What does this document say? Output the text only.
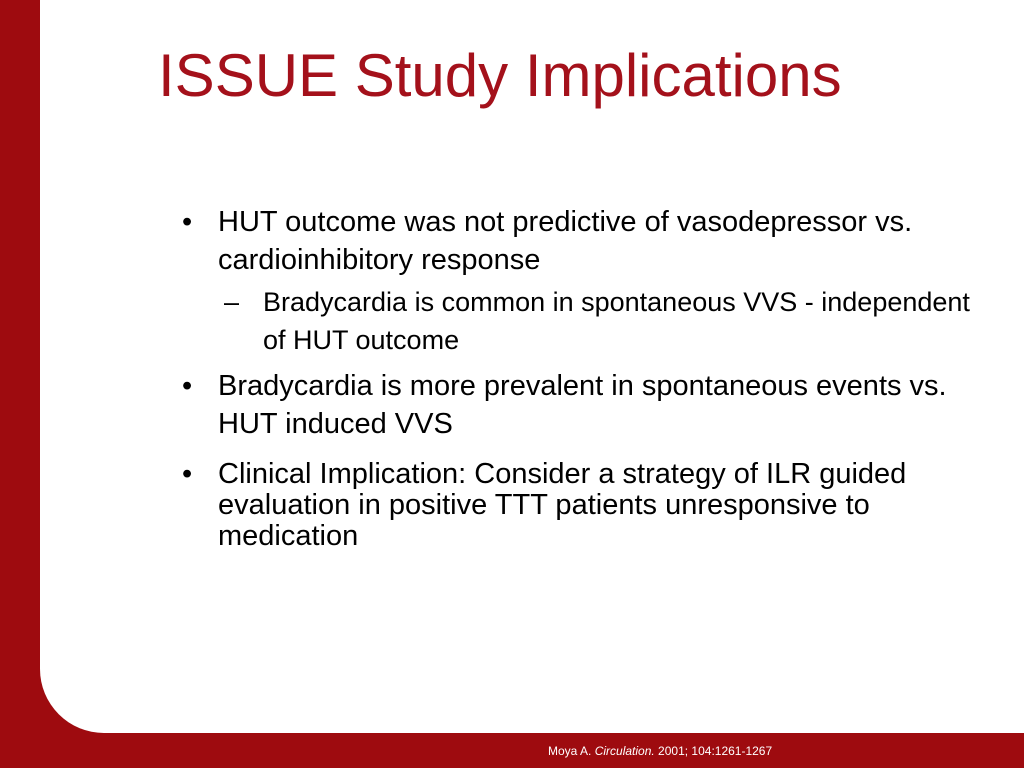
ISSUE Study Implications
• HUT outcome was not predictive of vasodepressor vs. cardioinhibitory response
– Bradycardia is common in spontaneous VVS - independent of HUT outcome
• Bradycardia is more prevalent in spontaneous events vs. HUT induced VVS
• Clinical Implication: Consider a strategy of ILR guided evaluation in positive TTT patients unresponsive to medication
Moya A. Circulation. 2001; 104:1261-1267
